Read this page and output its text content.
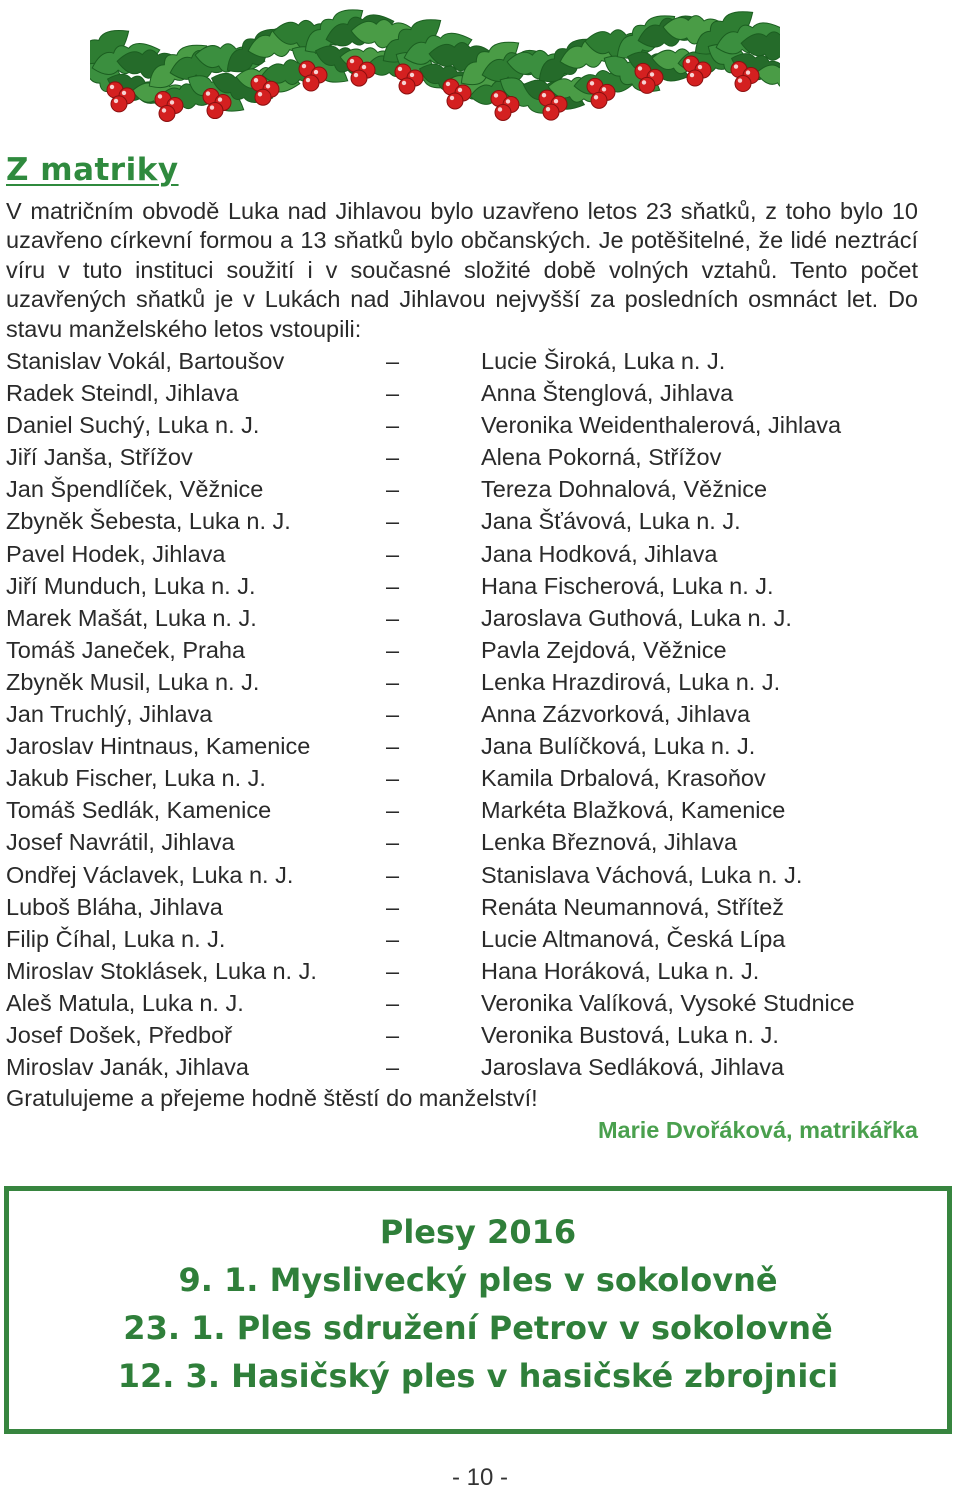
Z matriky

V matričním obvodě Luka nad Jihlavou bylo uzavřeno letos 23 sňatků, z toho bylo 10 uzavřeno církevní formou a 13 sňatků bylo občanských. Je potěšitelné, že lidé neztrácí víru v tuto instituci soužití i v současné složité době volných vztahů. Tento počet uzavřených sňatků je v Lukách nad Jihlavou nejvyšší za posledních osmnáct let. Do stavu manželského letos vstoupili:

Stanislav Vokál, Bartoušov	–	Lucie Široká, Luka n. J.
Radek Steindl, Jihlava	–	Anna Štenglová, Jihlava
Daniel Suchý, Luka n. J.	–	Veronika Weidenthalerová, Jihlava
Jiří Janša, Střížov	–	Alena Pokorná, Střížov
Jan Špendlíček, Věžnice	–	Tereza Dohnalová, Věžnice
Zbyněk Šebesta, Luka n. J.	–	Jana Šťávová, Luka n. J.
Pavel Hodek, Jihlava	–	Jana Hodková, Jihlava
Jiří Munduch, Luka n. J.	–	Hana Fischerová, Luka n. J.
Marek Mašát, Luka n. J.	–	Jaroslava Guthová, Luka n. J.
Tomáš Janeček, Praha	–	Pavla Zejdová, Věžnice
Zbyněk Musil, Luka n. J.	–	Lenka Hrazdirová, Luka n. J.
Jan Truchlý, Jihlava	–	Anna Zázvorková, Jihlava
Jaroslav Hintnaus, Kamenice	–	Jana Bulíčková, Luka n. J.
Jakub Fischer, Luka n. J.	–	Kamila Drbalová, Krasoňov
Tomáš Sedlák, Kamenice	–	Markéta Blažková, Kamenice
Josef Navrátil, Jihlava	–	Lenka Březnová, Jihlava
Ondřej Václavek, Luka n. J.	–	Stanislava Váchová, Luka n. J.
Luboš Bláha, Jihlava	–	Renáta Neumannová, Střítež
Filip Číhal, Luka n. J.	–	Lucie Altmanová, Česká Lípa
Miroslav Stoklásek, Luka n. J.	–	Hana Horáková, Luka n. J.
Aleš Matula, Luka n. J.	–	Veronika Valíková, Vysoké Studnice
Josef Došek, Předboř	–	Veronika Bustová, Luka n. J.
Miroslav Janák, Jihlava	–	Jaroslava Sedláková, Jihlava

Gratulujeme a přejeme hodně štěstí do manželství!

Marie Dvořáková, matrikářka

Plesy 2016

9. 1. Myslivecký ples v sokolovně

23. 1. Ples sdružení Petrov v sokolovně

12. 3. Hasičský ples v hasičské zbrojnici

- 10 -
